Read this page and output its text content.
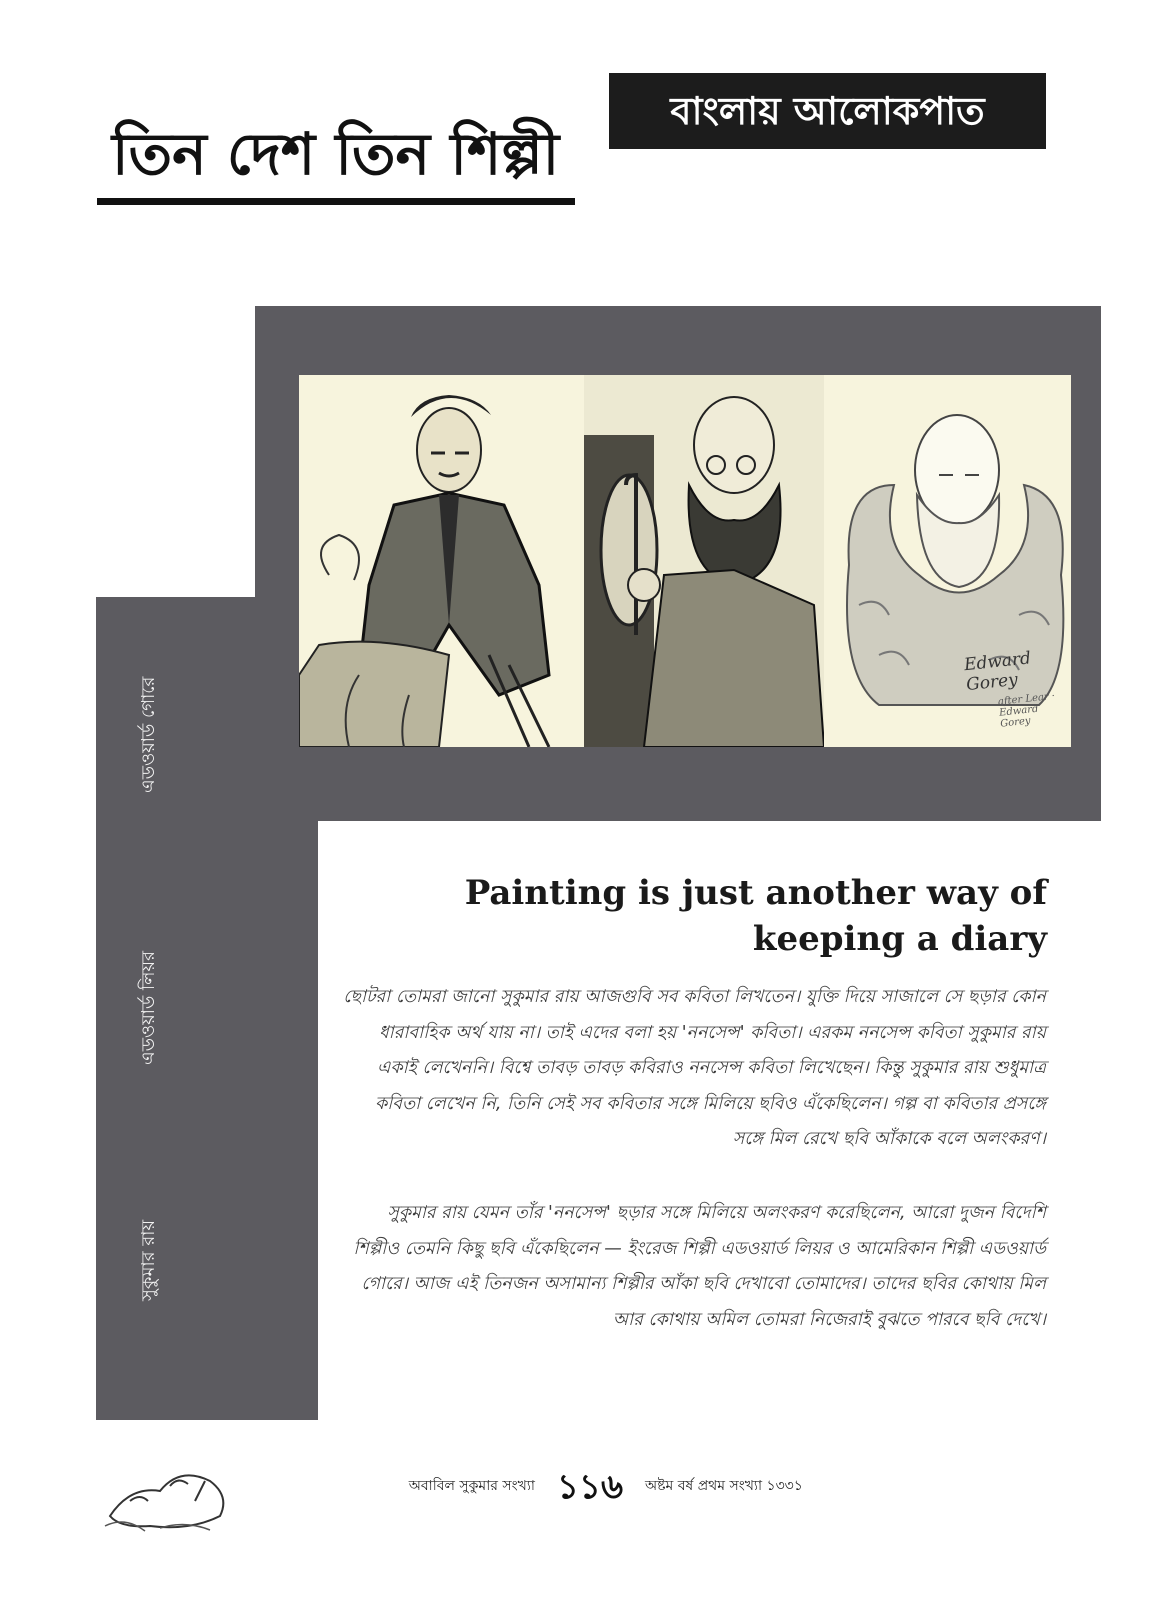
তিন দেশ তিন শিল্পী
বাংলায় আলোকপাত
Edward Gorey
after Lear · Edward Gorey
এডওয়ার্ড গোরে
এডওয়ার্ড লিয়র
সুকুমার রায়
Painting is just another way of keeping a diary
ছোটরা তোমরা জানো সুকুমার রায় আজগুবি সব কবিতা লিখতেন। যুক্তি দিয়ে সাজালে সে ছড়ার কোন ধারাবাহিক অর্থ যায় না। তাই এদের বলা হয় 'ননসেন্স' কবিতা। এরকম ননসেন্স কবিতা সুকুমার রায় একাই লেখেননি। বিশ্বে তাবড় তাবড় কবিরাও ননসেন্স কবিতা লিখেছেন। কিন্তু সুকুমার রায় শুধুমাত্র কবিতা লেখেন নি, তিনি সেই সব কবিতার সঙ্গে মিলিয়ে ছবিও এঁকেছিলেন। গল্প বা কবিতার প্রসঙ্গে সঙ্গে মিল রেখে ছবি আঁকাকে বলে অলংকরণ।
সুকুমার রায় যেমন তাঁর 'ননসেন্স' ছড়ার সঙ্গে মিলিয়ে অলংকরণ করেছিলেন, আরো দুজন বিদেশি শিল্পীও তেমনি কিছু ছবি এঁকেছিলেন — ইংরেজ শিল্পী এডওয়ার্ড লিয়র ও আমেরিকান শিল্পী এডওয়ার্ড গোরে। আজ এই তিনজন অসামান্য শিল্পীর আঁকা ছবি দেখাবো তোমাদের। তাদের ছবির কোথায় মিল আর কোথায় অমিল তোমরা নিজেরাই বুঝতে পারবে ছবি দেখে।
অবাবিল সুকুমার সংখ্যা ১১৬	অষ্টম বর্ষ প্রথম সংখ্যা ১৩৩১
